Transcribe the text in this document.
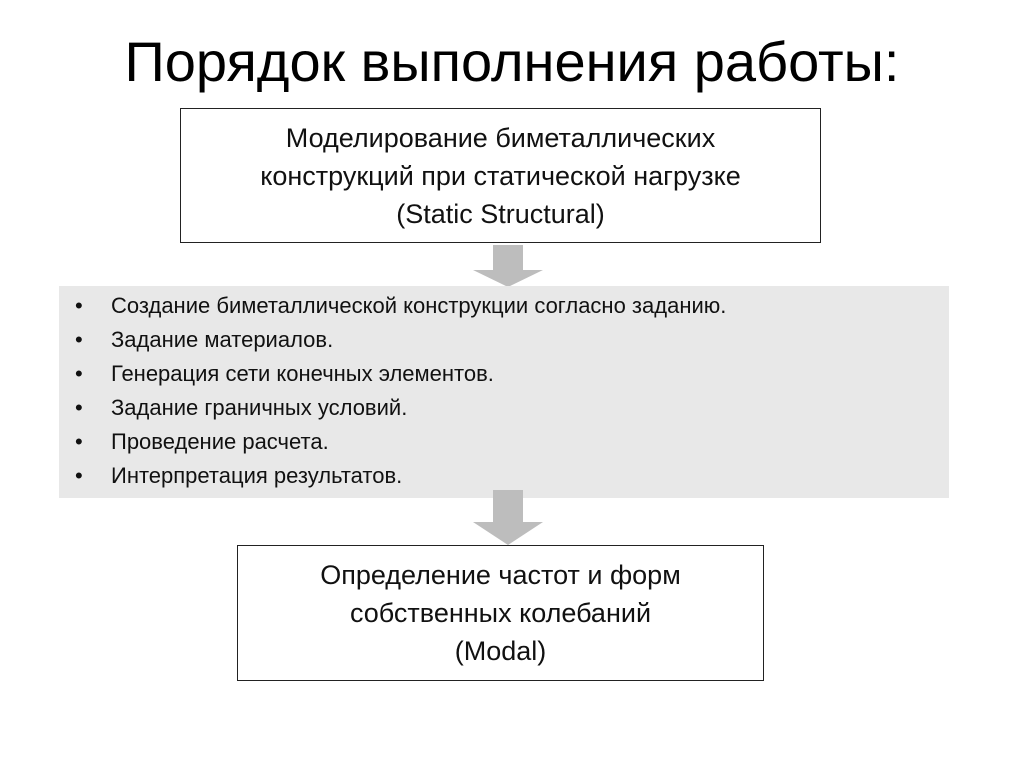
Порядок выполнения работы:
Моделирование биметаллических
конструкций при статической нагрузке
(Static Structural)
• Создание биметаллической конструкции согласно заданию.
• Задание материалов.
• Генерация сети конечных элементов.
• Задание граничных условий.
• Проведение расчета.
• Интерпретация результатов.
Определение частот и форм
собственных колебаний
(Modal)
